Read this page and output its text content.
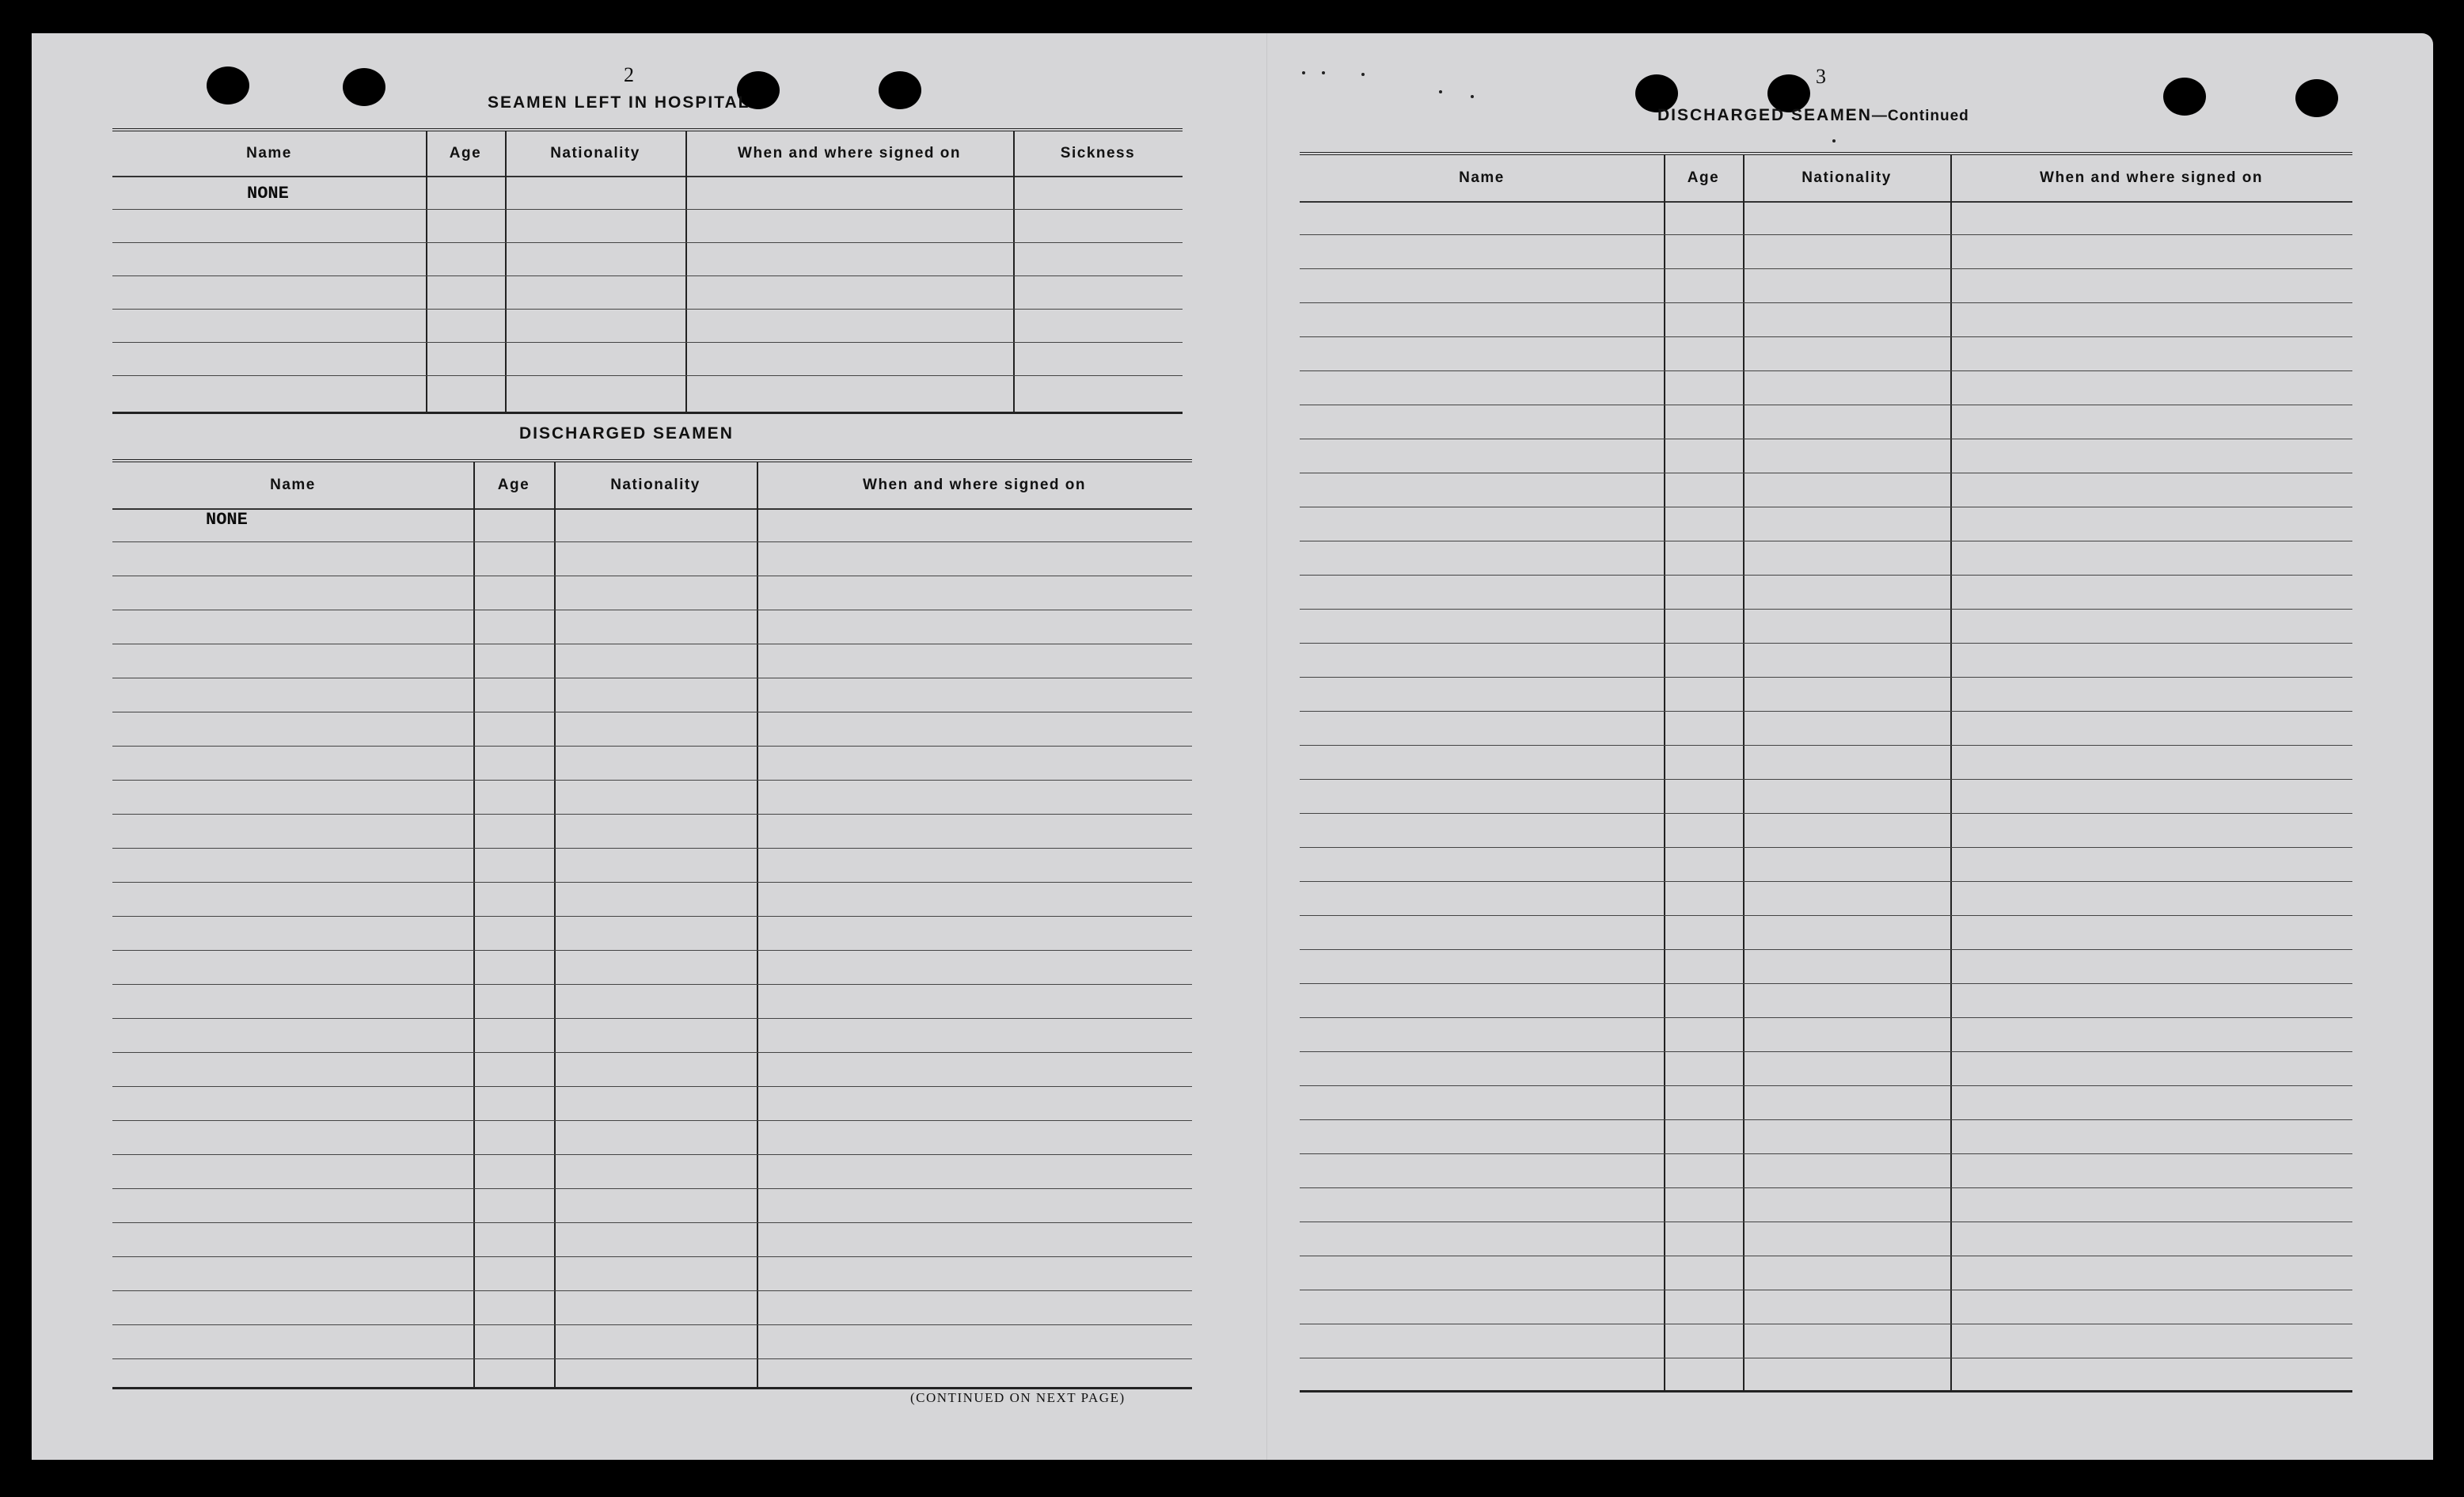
2
SEAMEN LEFT IN HOSPITAL
Name	Age	Nationality	When and where signed on	Sickness
NONE
DISCHARGED SEAMEN
Name	Age	Nationality	When and where signed on
NONE
(CONTINUED ON NEXT PAGE)
3
DISCHARGED SEAMEN—Continued
Name	Age	Nationality	When and where signed on
